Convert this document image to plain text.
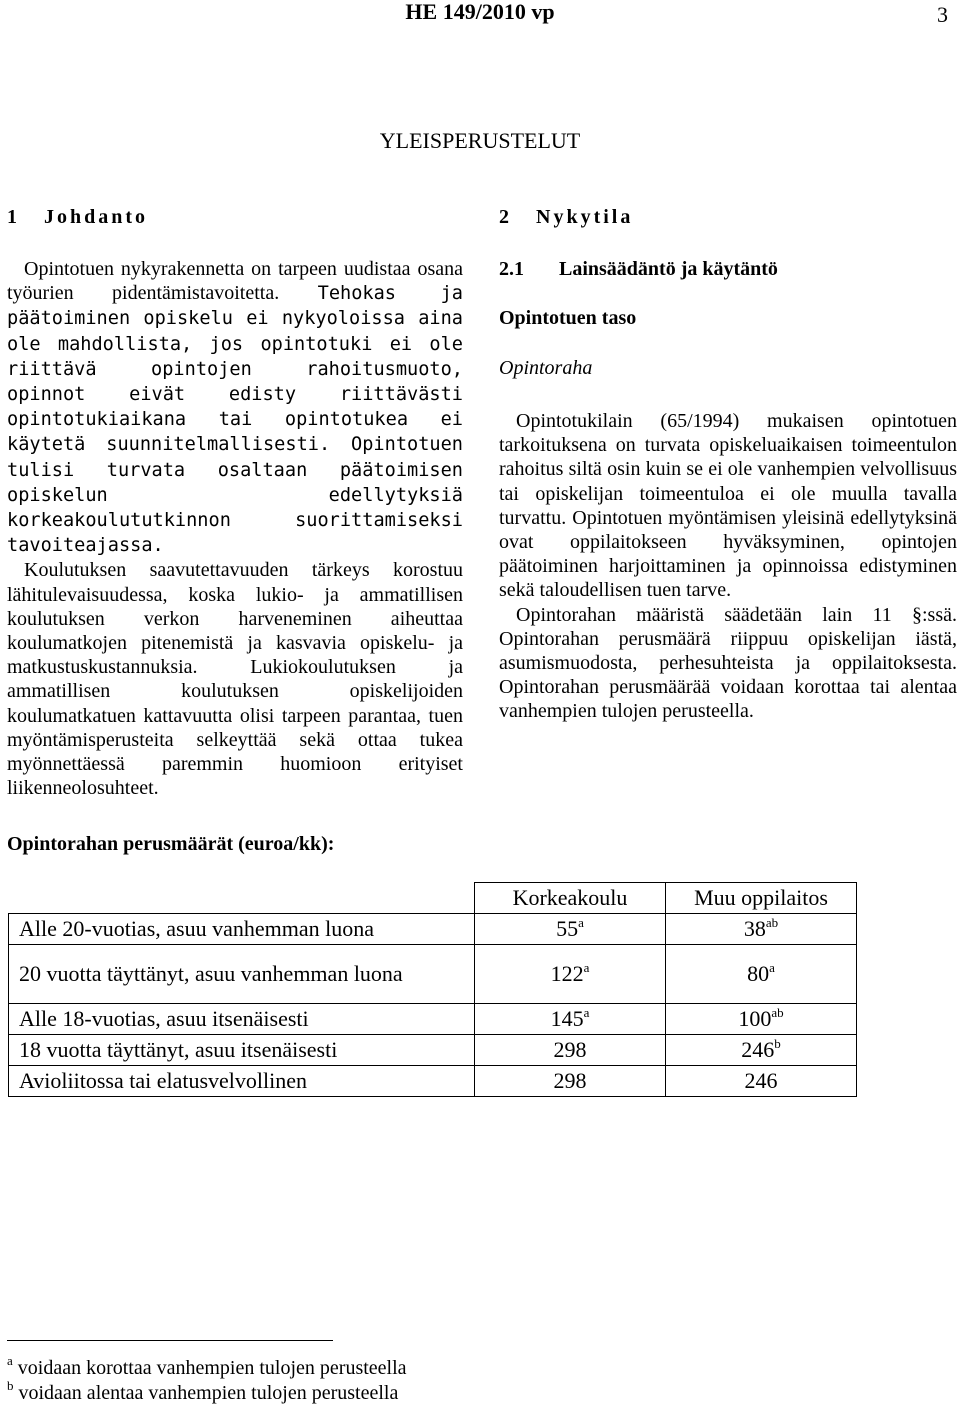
HE 149/2010 vp	3
YLEISPERUSTELUT
1 Johdanto

Opintotuen nykyrakennetta on tarpeen uudistaa osana työurien pidentämistavoitetta. Tehokas ja päätoiminen opiskelu ei nykyoloissa aina ole mahdollista, jos opintotuki ei ole riittävä opintojen rahoitusmuoto, opinnot eivät edisty riittävästi opintotukiaikana tai opintotukea ei käytetä suunnitelmallisesti. Opintotuen tulisi turvata osaltaan päätoimisen opiskelun edellytyksiä korkeakoulututkinnon suorittamiseksi tavoiteajassa.

Koulutuksen saavutettavuuden tärkeys korostuu lähitulevaisuudessa, koska lukio- ja ammatillisen koulutuksen verkon harveneminen aiheuttaa koulumatkojen pitenemistä ja kasvavia opiskelu- ja matkustuskustannuksia. Lukiokoulutuksen ja ammatillisen koulutuksen opiskelijoiden koulumatkatuen kattavuutta olisi tarpeen parantaa, tuen myöntämisperusteita selkeyttää sekä ottaa tukea myönnettäessä paremmin huomioon erityiset liikenneolosuhteet.

2 Nykytila
2.1 Lainsäädäntö ja käytäntö
Opintotuen taso
Opintoraha

Opintotukilain (65/1994) mukaisen opintotuen tarkoituksena on turvata opiskeluaikaisen toimeentulon rahoitus siltä osin kuin se ei ole vanhempien velvollisuus tai opiskelijan toimeentuloa ei ole muulla tavalla turvattu. Opintotuen myöntämisen yleisinä edellytyksinä ovat oppilaitokseen hyväksyminen, opintojen päätoiminen harjoittaminen ja opinnoissa edistyminen sekä taloudellisen tuen tarve.

Opintorahan määristä säädetään lain 11 §:ssä. Opintorahan perusmäärä riippuu opiskelijan iästä, asumismuodosta, perhesuhteista ja oppilaitoksesta. Opintorahan perusmäärää voidaan korottaa tai alentaa vanhempien tulojen perusteella.

Opintorahan perusmäärät (euroa/kk):
	Korkeakoulu	Muu oppilaitos
Alle 20-vuotias, asuu vanhemman luona	55$^a$	$38^{ab}$
20 vuotta täyttänyt, asuu vanhemman luona	122$^a$	80$^a$
Alle 18-vuotias, asuu itsenäisesti	145$^a$	$100^{ab}$
18 vuotta täyttänyt, asuu itsenäisesti	298	246$^b$
Avioliitossa tai elatusvelvollinen	298	246
$^a$ voidaan korottaa vanhempien tulojen perusteella
$^b$ voidaan alentaa vanhempien tulojen perusteella
